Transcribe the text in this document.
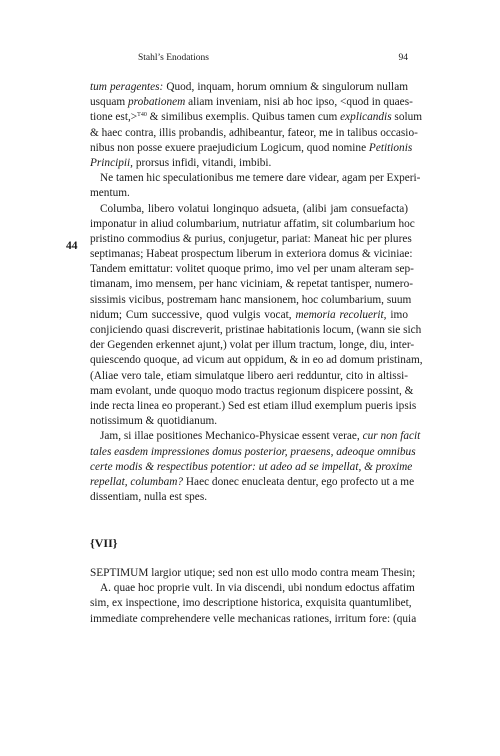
Stahl’s Enodations	94
44

tum peragentes: Quod, inquam, horum omnium & singulorum nullam

usquam probationem aliam inveniam, nisi ab hoc ipso, <quod in quaes-

tione est,>$^{T40}$ & similibus exemplis. Quibus tamen cum explicandis solum

& haec contra, illis probandis, adhibeantur, fateor, me in talibus occasio-

nibus non posse exuere praejudicium Logicum, quod nomine Petitionis

Principii, prorsus infidi, vitandi, imbibi.

Ne tamen hic speculationibus me temere dare videar, agam per Experi-

mentum.

Columba, libero volatui longinquo adsueta, (alibi jam consuefacta)

imponatur in aliud columbarium, nutriatur affatim, sit columbarium hoc

pristino commodius & purius, conjugetur, pariat: Maneat hic per plures

septimanas; Habeat prospectum liberum in exteriora domus & viciniae:

Tandem emittatur: volitet quoque primo, imo vel per unam alteram sep-

timanam, imo mensem, per hanc viciniam, & repetat tantisper, numero-

sissimis vicibus, postremam hanc mansionem, hoc columbarium, suum

nidum; Cum successive, quod vulgis vocat, memoria recoluerit, imo

conjiciendo quasi discreverit, pristinae habitationis locum, (wann sie sich

der Gegenden erkennet ajunt,) volat per illum tractum, longe, diu, inter-

quiescendo quoque, ad vicum aut oppidum, & in eo ad domum pristinam,

(Aliae vero tale, etiam simulatque libero aeri redduntur, cito in altissi-

mam evolant, unde quoquo modo tractus regionum dispicere possint, &

inde recta linea eo properant.) Sed est etiam illud exemplum pueris ipsis

notissimum & quotidianum.

Jam, si illae positiones Mechanico-Physicae essent verae, cur non facit

tales easdem impressiones domus posterior, praesens, adeoque omnibus

certe modis & respectibus potentior: ut adeo ad se impellat, & proxime

repellat, columbam? Haec donec enucleata dentur, ego profecto ut a me

dissentiam, nulla est spes.

{VII}

SEPTIMUM largior utique; sed non est ullo modo contra meam Thesin;

A. quae hoc proprie vult. In via discendi, ubi nondum edoctus affatim

sim, ex inspectione, imo descriptione historica, exquisita quantumlibet,

immediate comprehendere velle mechanicas rationes, irritum fore: (quia
